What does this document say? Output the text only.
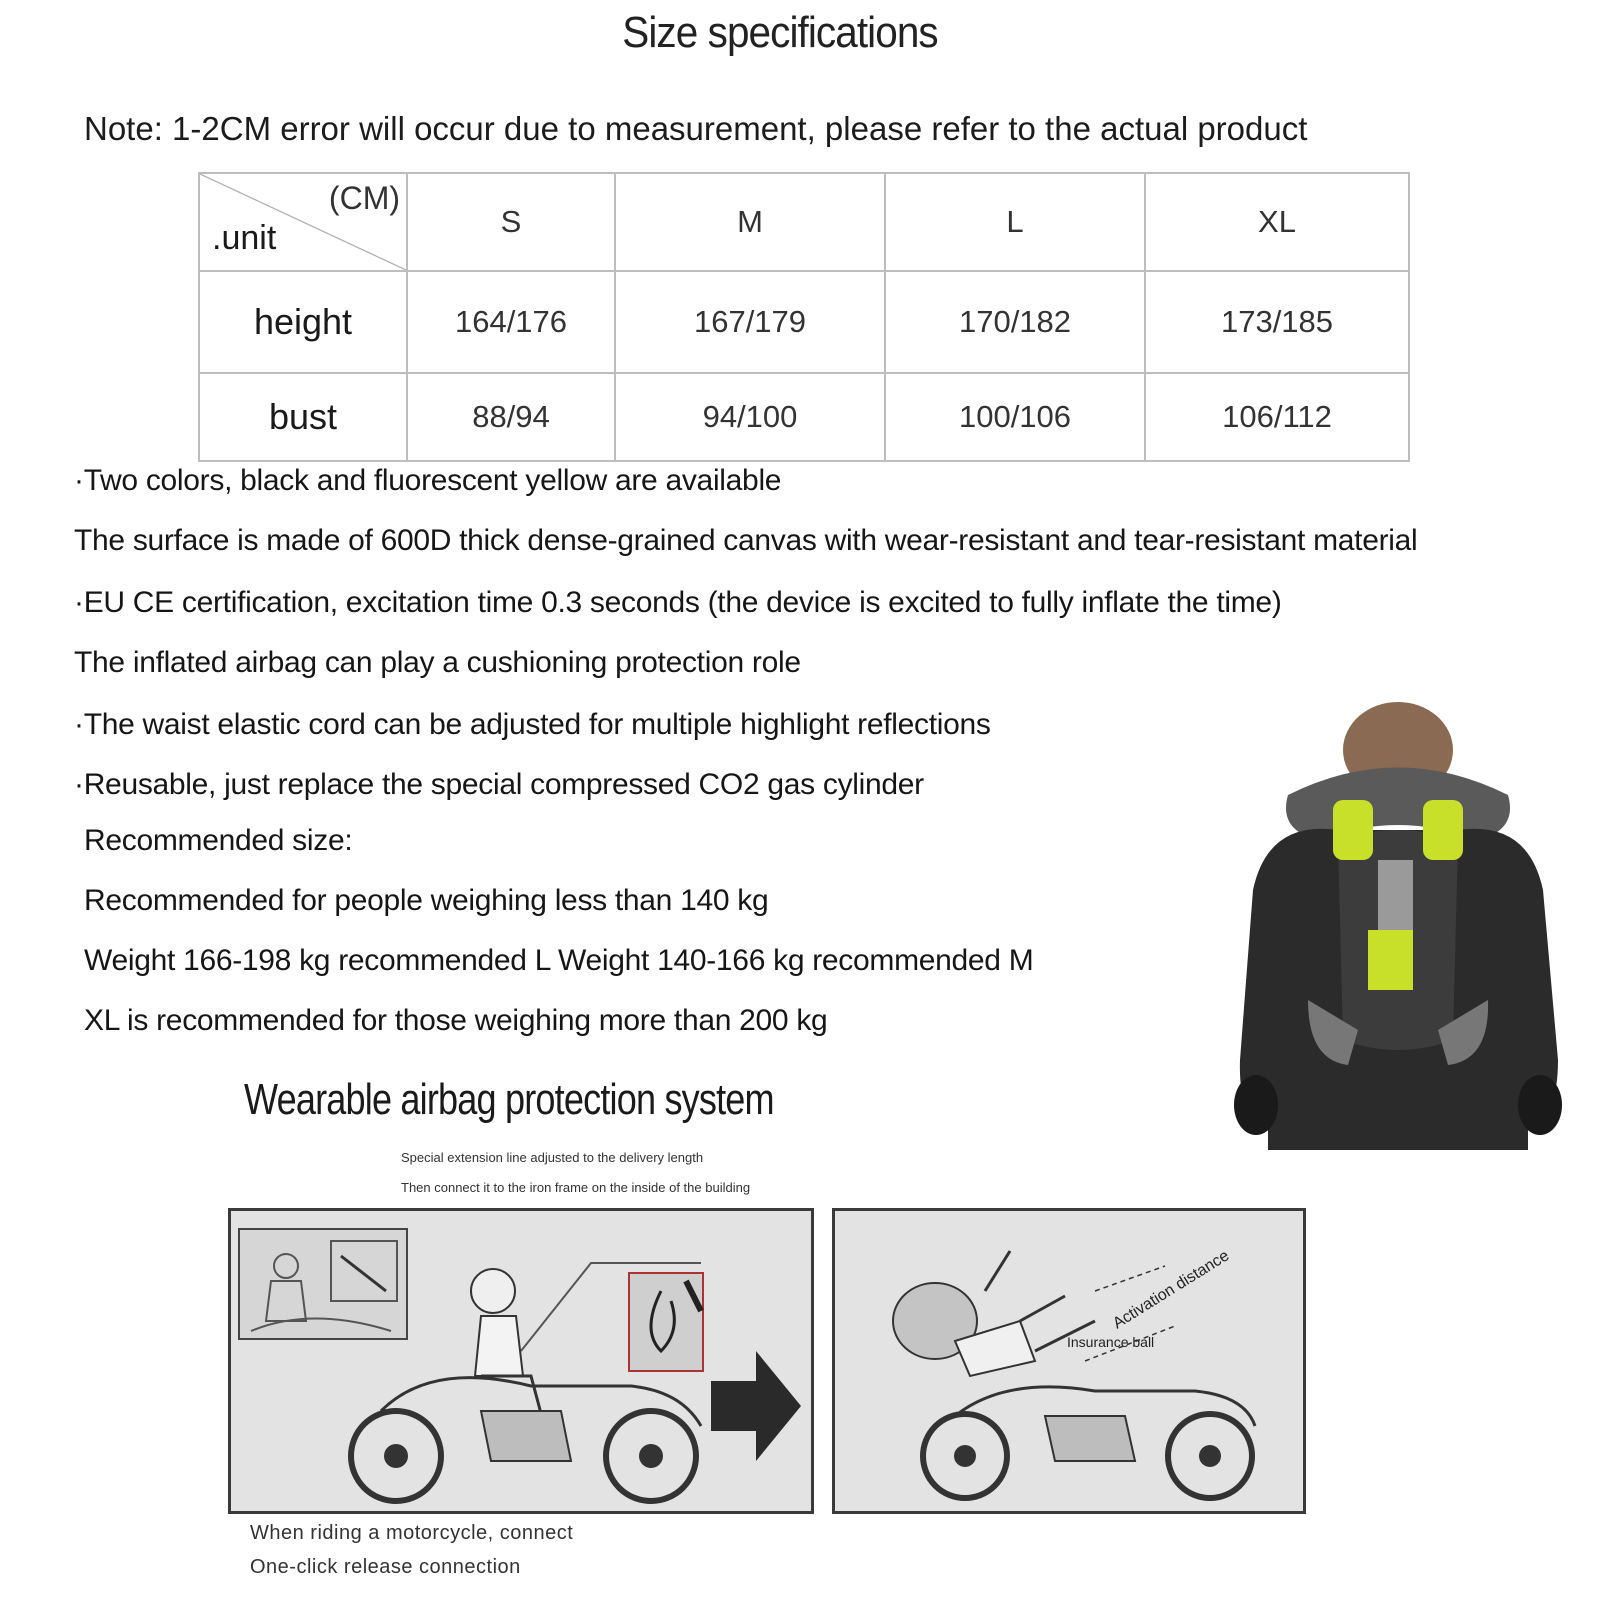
Size specifications
Note: 1-2CM error will occur due to measurement, please refer to the actual product
(CM)
.unit	S	M	L	XL
height	164/176	167/179	170/182	173/185
bust	88/94	94/100	100/106	106/112
·Two colors, black and fluorescent yellow are available
The surface is made of 600D thick dense-grained canvas with wear-resistant and tear-resistant material
·EU CE certification, excitation time 0.3 seconds (the device is excited to fully inflate the time)
The inflated airbag can play a cushioning protection role
·The waist elastic cord can be adjusted for multiple highlight reflections
·Reusable, just replace the special compressed CO2 gas cylinder
Recommended size:
Recommended for people weighing less than 140 kg
Weight 166-198 kg recommended L Weight 140-166 kg recommended M
XL is recommended for those weighing more than 200 kg
Wearable airbag protection system
Special extension line adjusted to the delivery length
Then connect it to the iron frame on the inside of the building
Activation distance
Insurance ball
When riding a motorcycle, connect
One-click release connection
